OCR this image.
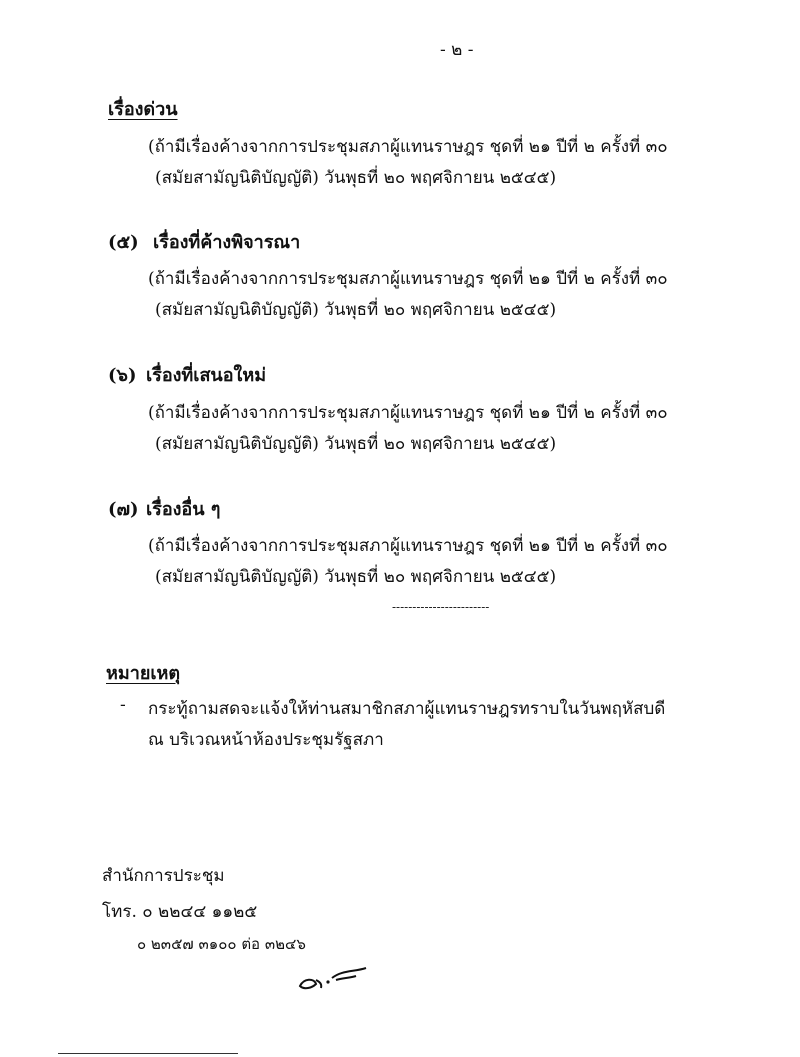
- ๒ -
เรื่องด่วน
(ถ้ามีเรื่องค้างจากการประชุมสภาผู้แทนราษฎร ชุดที่ ๒๑ ปีที่ ๒ ครั้งที่ ๓๐
(สมัยสามัญนิติบัญญัติ) วันพุธที่ ๒๐ พฤศจิกายน ๒๕๔๕)
(๕) เรื่องที่ค้างพิจารณา
(ถ้ามีเรื่องค้างจากการประชุมสภาผู้แทนราษฎร ชุดที่ ๒๑ ปีที่ ๒ ครั้งที่ ๓๐
(สมัยสามัญนิติบัญญัติ) วันพุธที่ ๒๐ พฤศจิกายน ๒๕๔๕)
(๖) เรื่องที่เสนอใหม่
(ถ้ามีเรื่องค้างจากการประชุมสภาผู้แทนราษฎร ชุดที่ ๒๑ ปีที่ ๒ ครั้งที่ ๓๐
(สมัยสามัญนิติบัญญัติ) วันพุธที่ ๒๐ พฤศจิกายน ๒๕๔๕)
(๗) เรื่องอื่น ๆ
(ถ้ามีเรื่องค้างจากการประชุมสภาผู้แทนราษฎร ชุดที่ ๒๑ ปีที่ ๒ ครั้งที่ ๓๐
(สมัยสามัญนิติบัญญัติ) วันพุธที่ ๒๐ พฤศจิกายน ๒๕๔๕)
------------------------
หมายเหตุ
- กระทู้ถามสดจะแจ้งให้ท่านสมาชิกสภาผู้แทนราษฎรทราบในวันพฤหัสบดี
ณ บริเวณหน้าห้องประชุมรัฐสภา
สำนักการประชุม
โทร. ๐ ๒๒๔๔ ๑๑๒๕
๐ ๒๓๕๗ ๓๑๐๐ ต่อ ๓๒๔๖
